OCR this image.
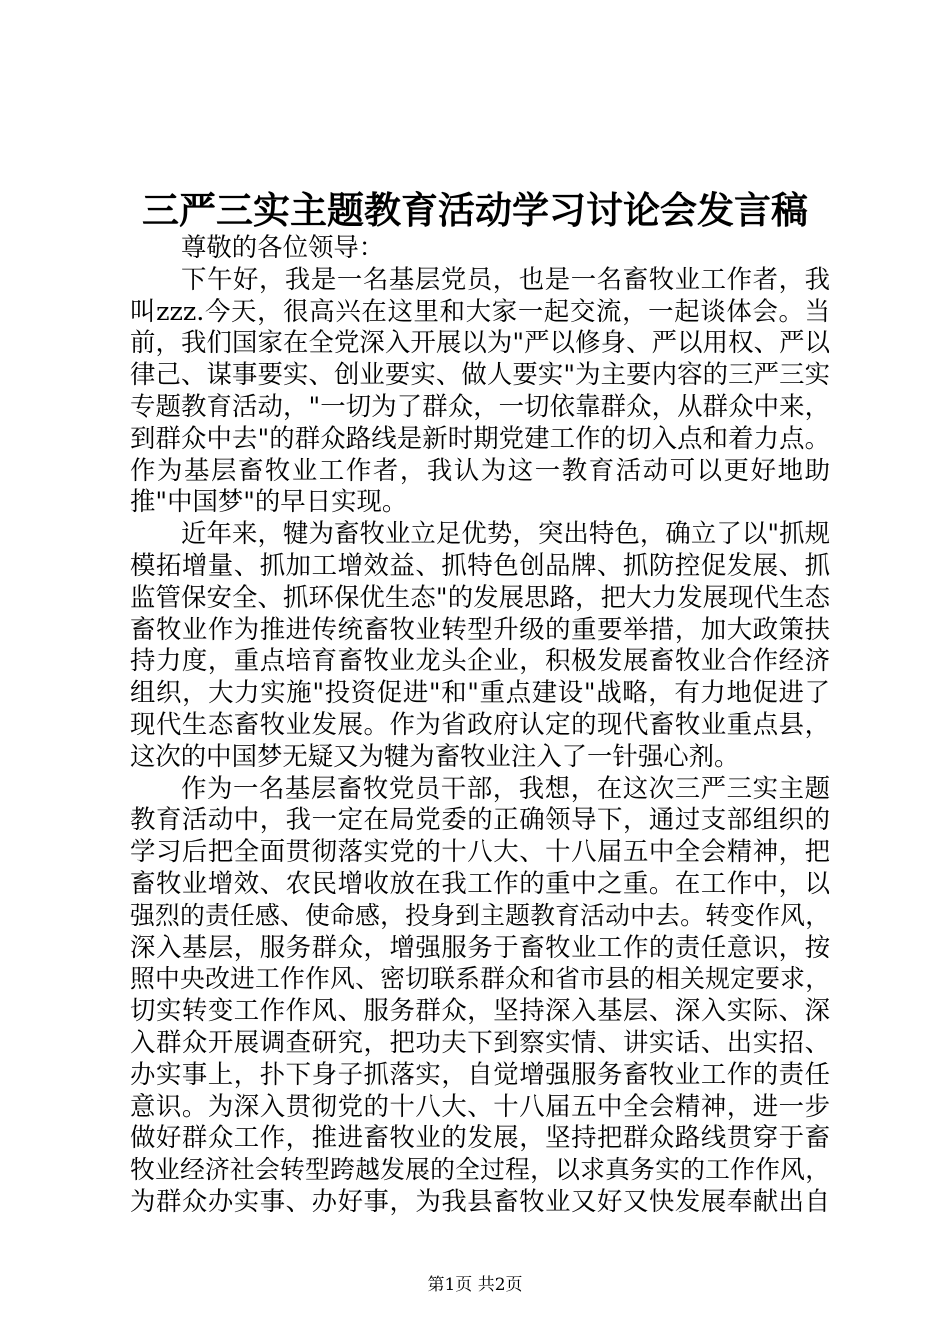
三严三实主题教育活动学习讨论会发言稿
尊敬的各位领导：
下午好，我是一名基层党员，也是一名畜牧业工作者，我
叫zzz.今天，很高兴在这里和大家一起交流，一起谈体会。当
前，我们国家在全党深入开展以为"严以修身、严以用权、严以
律己、谋事要实、创业要实、做人要实"为主要内容的三严三实
专题教育活动，"一切为了群众，一切依靠群众，从群众中来，
到群众中去"的群众路线是新时期党建工作的切入点和着力点。
作为基层畜牧业工作者，我认为这一教育活动可以更好地助
推"中国梦"的早日实现。
近年来，犍为畜牧业立足优势，突出特色，确立了以"抓规
模拓增量、抓加工增效益、抓特色创品牌、抓防控促发展、抓
监管保安全、抓环保优生态"的发展思路，把大力发展现代生态
畜牧业作为推进传统畜牧业转型升级的重要举措，加大政策扶
持力度，重点培育畜牧业龙头企业，积极发展畜牧业合作经济
组织，大力实施"投资促进"和"重点建设"战略，有力地促进了
现代生态畜牧业发展。作为省政府认定的现代畜牧业重点县，
这次的中国梦无疑又为犍为畜牧业注入了一针强心剂。
作为一名基层畜牧党员干部，我想，在这次三严三实主题
教育活动中，我一定在局党委的正确领导下，通过支部组织的
学习后把全面贯彻落实党的十八大、十八届五中全会精神，把
畜牧业增效、农民增收放在我工作的重中之重。在工作中，以
强烈的责任感、使命感，投身到主题教育活动中去。转变作风，
深入基层，服务群众，增强服务于畜牧业工作的责任意识，按
照中央改进工作作风、密切联系群众和省市县的相关规定要求，
切实转变工作作风、服务群众，坚持深入基层、深入实际、深
入群众开展调查研究，把功夫下到察实情、讲实话、出实招、
办实事上，扑下身子抓落实，自觉增强服务畜牧业工作的责任
意识。为深入贯彻党的十八大、十八届五中全会精神，进一步
做好群众工作，推进畜牧业的发展，坚持把群众路线贯穿于畜
牧业经济社会转型跨越发展的全过程，以求真务实的工作作风，
为群众办实事、办好事，为我县畜牧业又好又快发展奉献出自
第1页 共2页
